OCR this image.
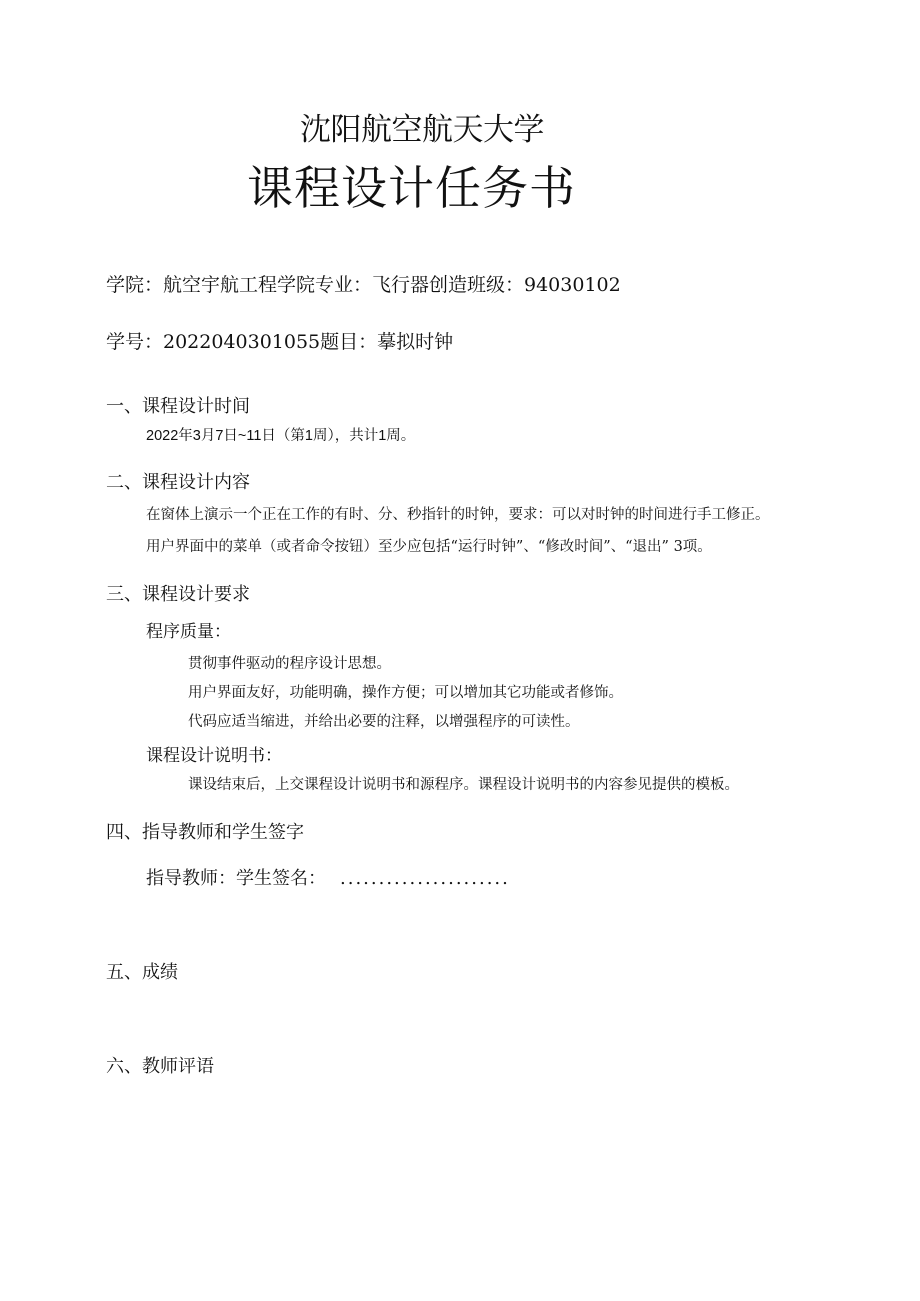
沈阳航空航天大学
课程设计任务书
学院：航空宇航工程学院专业：飞行器创造班级：94030102
学号：2022040301055题目：摹拟时钟
一、课程设计时间
2022年3月7日~11日（第1周），共计1周。
二、课程设计内容
在窗体上演示一个正在工作的有时、分、秒指针的时钟，要求：可以对时钟的时间进行手工修正。
用户界面中的菜单（或者命令按钮）至少应包括“运行时钟”、“修改时间”、“退出” 3项。
三、课程设计要求
程序质量：
贯彻事件驱动的程序设计思想。
用户界面友好，功能明确，操作方便；可以增加其它功能或者修饰。
代码应适当缩进，并给出必要的注释，以增强程序的可读性。
课程设计说明书：
课设结束后，上交课程设计说明书和源程序。课程设计说明书的内容参见提供的模板。
四、指导教师和学生签字
指导教师：学生签名： ......................
五、成绩
六、教师评语
